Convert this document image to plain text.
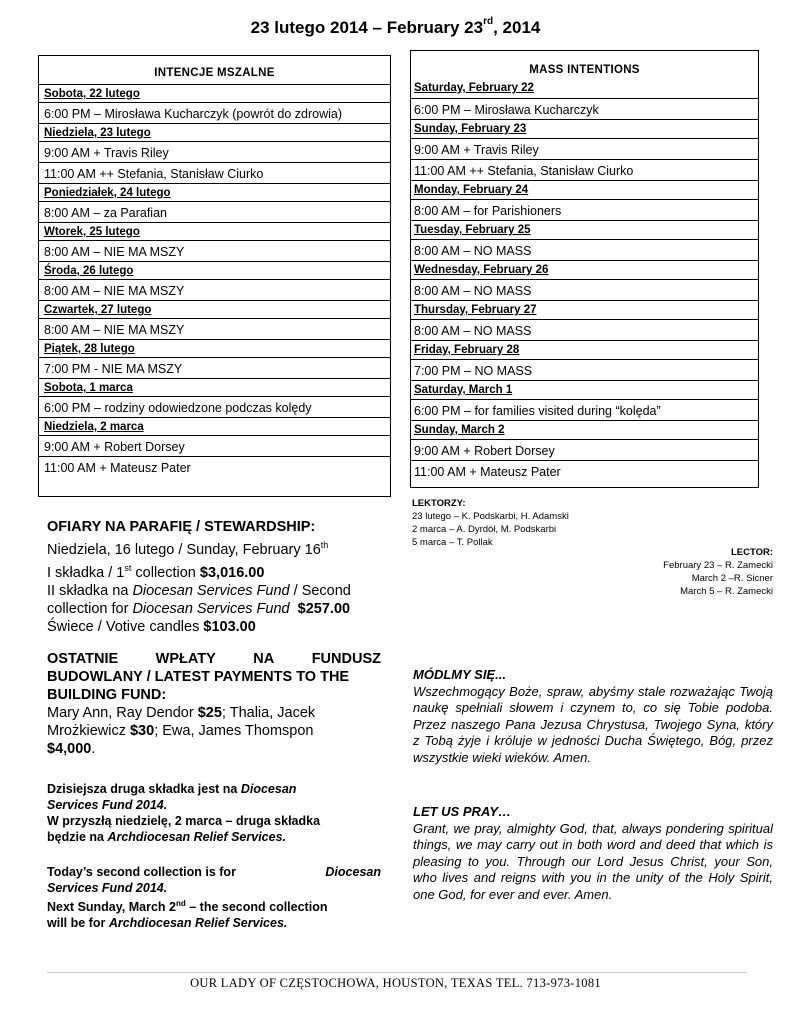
23 lutego 2014 – February 23rd, 2014
INTENCJE MSZALNE
Sobota, 22 lutego
6:00 PM – Mirosława Kucharczyk (powrót do zdrowia)
Niedziela, 23 lutego
9:00 AM + Travis Riley
11:00 AM ++ Stefania, Stanisław Ciurko
Poniedziałek, 24 lutego
8:00 AM – za Parafian
Wtorek, 25 lutego
8:00 AM – NIE MA MSZY
Środa, 26 lutego
8:00 AM – NIE MA MSZY
Czwartek, 27 lutego
8:00 AM – NIE MA MSZY
Piątek, 28 lutego
7:00 PM - NIE MA MSZY
Sobota, 1 marca
6:00 PM – rodziny odowiedzone podczas kolędy
Niedziela, 2 marca
9:00 AM + Robert Dorsey
11:00 AM + Mateusz Pater
MASS INTENTIONS
Saturday, February 22
6:00 PM – Mirosława Kucharczyk
Sunday, February 23
9:00 AM + Travis Riley
11:00 AM ++ Stefania, Stanisław Ciurko
Monday, February 24
8:00 AM – for Parishioners
Tuesday, February 25
8:00 AM – NO MASS
Wednesday, February 26
8:00 AM – NO MASS
Thursday, February 27
8:00 AM – NO MASS
Friday, February 28
7:00 PM – NO MASS
Saturday, March 1
6:00 PM – for families visited during “kolęda”
Sunday, March 2
9:00 AM + Robert Dorsey
11:00 AM + Mateusz Pater
LEKTORZY:
23 lutego – K. Podskarbi, H. Adamski
2 marca – A. Dyrdół, M. Podskarbi
5 marca – T. Pollak
LECTOR:
February 23 – R. Zamecki
March 2 –R. Sicner
March 5 – R. Zamecki
OFIARY NA PARAFIĘ / STEWARDSHIP:
Niedziela, 16 lutego / Sunday, February 16th
I składka / 1st collection $3,016.00
II składka na Diocesan Services Fund / Second
collection for Diocesan Services Fund $257.00
Świece / Votive candles $103.00
OSTATNIE	WPŁATY	NA	FUNDUSZ
BUDOWLANY / LATEST PAYMENTS TO THE
BUILDING FUND:
Mary Ann, Ray Dendor $25; Thalia, Jacek
Mrożkiewicz $30; Ewa, James Thomspon
$4,000.
Dzisiejsza druga składka jest na Diocesan
Services Fund 2014.
W przyszłą niedzielę, 2 marca – druga składka
będzie na Archdiocesan Relief Services.
Today’s second collection is for	Diocesan
Services Fund 2014.
Next Sunday, March 2nd – the second collection
will be for Archdiocesan Relief Services.
MÓDLMY SIĘ...
Wszechmogący Boże, spraw, abyśmy stale rozważając Twoją naukę spełniali słowem i czynem to, co się Tobie podoba. Przez naszego Pana Jezusa Chrystusa, Twojego Syna, który z Tobą żyje i króluje w jedności Ducha Świętego, Bóg, przez wszystkie wieki wieków. Amen.
LET US PRAY…
Grant, we pray, almighty God, that, always pondering spiritual things, we may carry out in both word and deed that which is pleasing to you. Through our Lord Jesus Christ, your Son, who lives and reigns with you in the unity of the Holy Spirit, one God, for ever and ever. Amen.
OUR LADY OF CZĘSTOCHOWA, HOUSTON, TEXAS TEL. 713-973-1081
